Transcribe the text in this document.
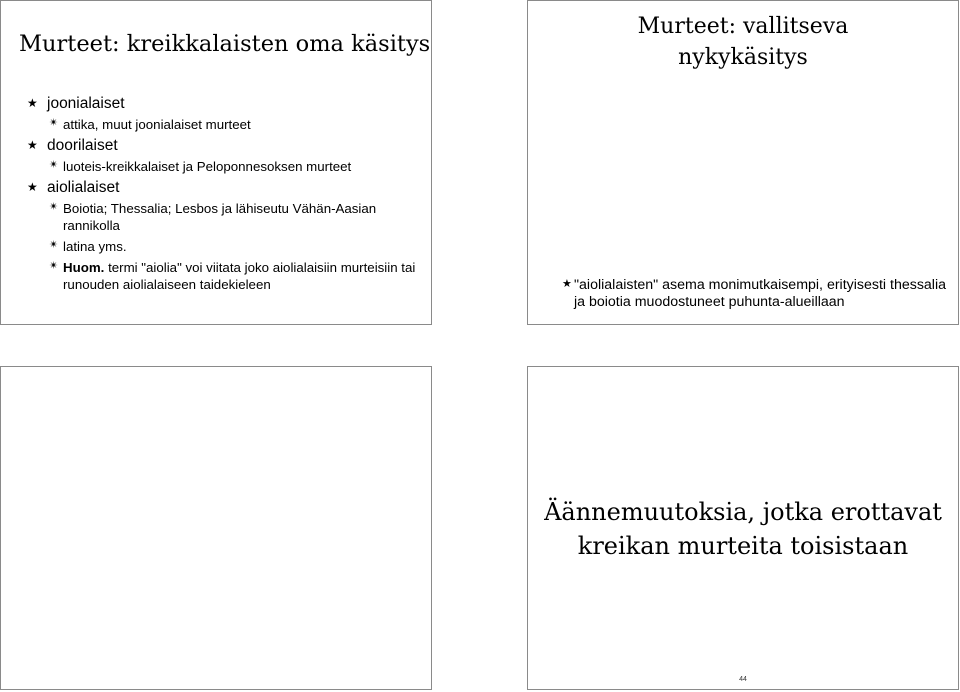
Murteet: kreikkalaisten oma käsitys
★ joonialaiset
✴ attika, muut joonialaiset murteet
★ doorilaiset
✴ luoteis-kreikkalaiset ja Peloponnesoksen murteet
★ aiolialaiset
✴ Boiotia; Thessalia; Lesbos ja lähiseutu Vähän-Aasian rannikolla
✴ latina yms.
✴ Huom. termi "aiolia" voi viitata joko aiolialaisiin murteisiin tai runouden aiolialaiseen taidekieleen
Murteet: vallitseva
nykykäsitys
★ "aiolialaisten" asema monimutkaisempi, erityisesti thessalia ja boiotia muodostuneet puhunta-alueillaan
Äännemuutoksia, jotka erottavat
kreikan murteita toisistaan
44
